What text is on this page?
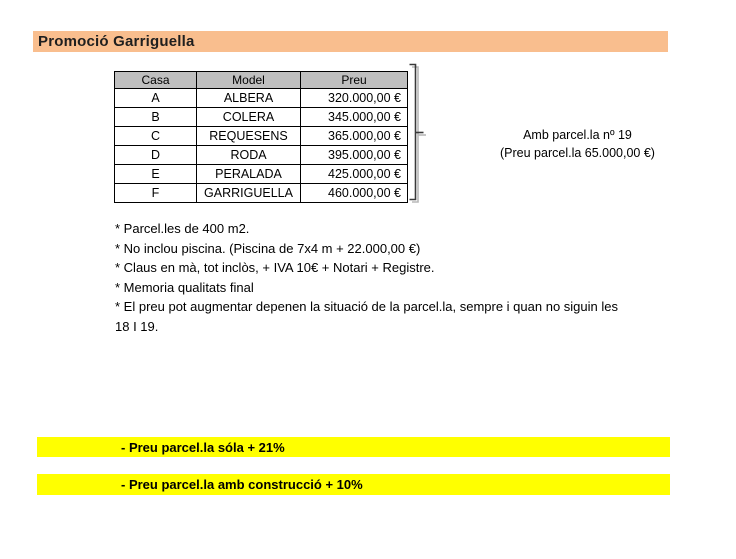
Promoció Garriguella
Casa	Model	Preu
A	ALBERA	320.000,00 €
B	COLERA	345.000,00 €
C	REQUESENS	365.000,00 €
D	RODA	395.000,00 €
E	PERALADA	425.000,00 €
F	GARRIGUELLA	460.000,00 €
Amb parcel.la nº 19
(Preu parcel.la 65.000,00 €)
* Parcel.les de 400 m2.
* No inclou piscina. (Piscina de 7x4 m + 22.000,00 €)
* Claus en mà, tot inclòs, + IVA 10€ + Notari + Registre.
* Memoria qualitats final
* El preu pot augmentar depenen la situació de la parcel.la, sempre i quan no siguin les
18 I 19.
- Preu parcel.la sóla + 21%
- Preu parcel.la amb construcció + 10%
